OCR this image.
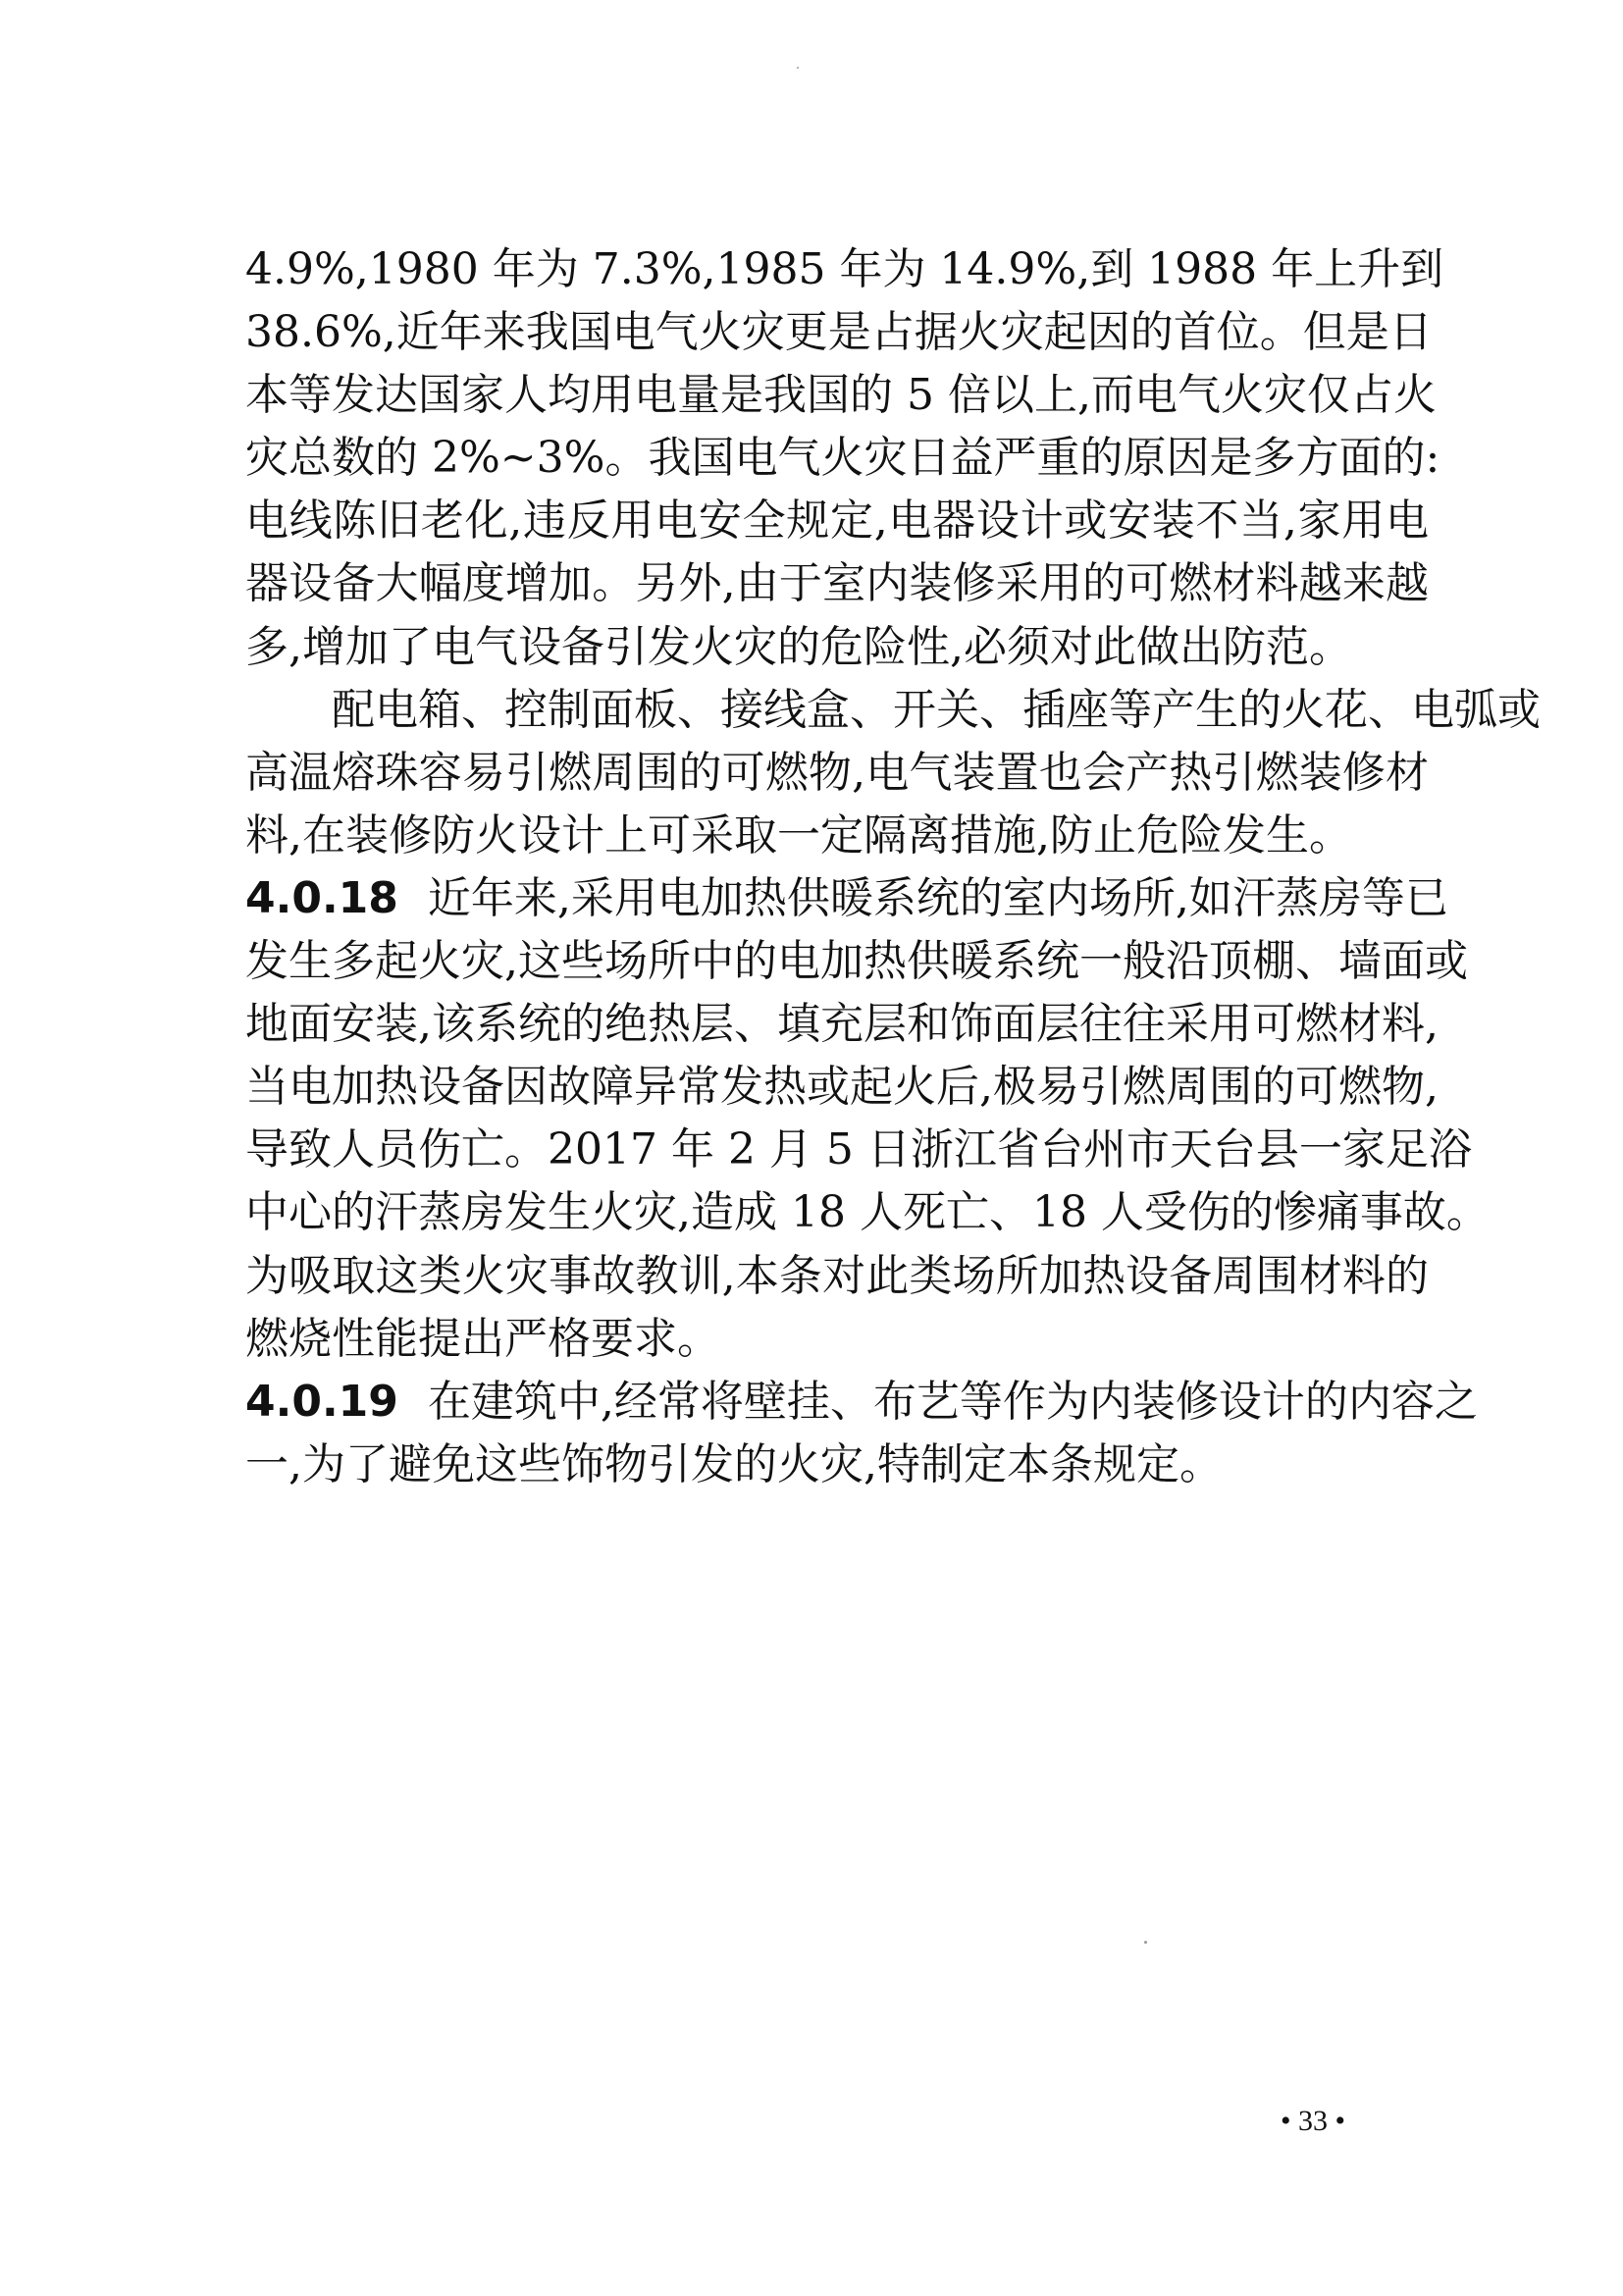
4.9%,1980 年为 7.3%,1985 年为 14.9%,到 1988 年上升到
38.6%,近年来我国电气火灾更是占据火灾起因的首位。但是日
本等发达国家人均用电量是我国的 5 倍以上,而电气火灾仅占火
灾总数的 2%~3%。我国电气火灾日益严重的原因是多方面的:
电线陈旧老化,违反用电安全规定,电器设计或安装不当,家用电
器设备大幅度增加。另外,由于室内装修采用的可燃材料越来越
多,增加了电气设备引发火灾的危险性,必须对此做出防范。
配电箱、控制面板、接线盒、开关、插座等产生的火花、电弧或
高温熔珠容易引燃周围的可燃物,电气装置也会产热引燃装修材
料,在装修防火设计上可采取一定隔离措施,防止危险发生。
4.0.18 近年来,采用电加热供暖系统的室内场所,如汗蒸房等已
发生多起火灾,这些场所中的电加热供暖系统一般沿顶棚、墙面或
地面安装,该系统的绝热层、填充层和饰面层往往采用可燃材料,
当电加热设备因故障异常发热或起火后,极易引燃周围的可燃物,
导致人员伤亡。2017 年 2 月 5 日浙江省台州市天台县一家足浴
中心的汗蒸房发生火灾,造成 18 人死亡、18 人受伤的惨痛事故。
为吸取这类火灾事故教训,本条对此类场所加热设备周围材料的
燃烧性能提出严格要求。
4.0.19 在建筑中,经常将壁挂、布艺等作为内装修设计的内容之
一,为了避免这些饰物引发的火灾,特制定本条规定。
• 33 •
